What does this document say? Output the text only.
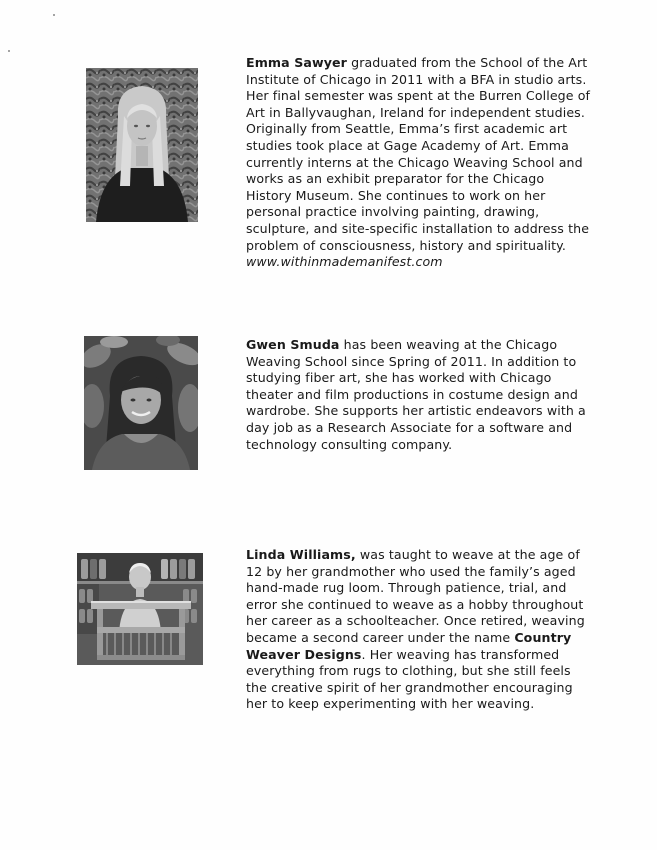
Emma Sawyer graduated from the School of the Art Institute of Chicago in 2011 with a BFA in studio arts. Her final semester was spent at the Burren College of Art in Ballyvaughan, Ireland for independent studies. Originally from Seattle, Emma’s first academic art studies took place at Gage Academy of Art. Emma currently interns at the Chicago Weaving School and works as an exhibit preparator for the Chicago History Museum. She continues to work on her personal practice involving painting, drawing, sculpture, and site-specific installation to address the problem of consciousness, history and spirituality.
www.withinmademanifest.com

Gwen Smuda has been weaving at the Chicago Weaving School since Spring of 2011. In addition to studying fiber art, she has worked with Chicago theater and film productions in costume design and wardrobe. She supports her artistic endeavors with a day job as a Research Associate for a software and technology consulting company.

Linda Williams, was taught to weave at the age of 12 by her grandmother who used the family’s aged hand-made rug loom. Through patience, trial, and error she continued to weave as a hobby throughout her career as a schoolteacher. Once retired, weaving became a second career under the name Country Weaver Designs. Her weaving has transformed everything from rugs to clothing, but she still feels the creative spirit of her grandmother encouraging her to keep experimenting with her weaving.
